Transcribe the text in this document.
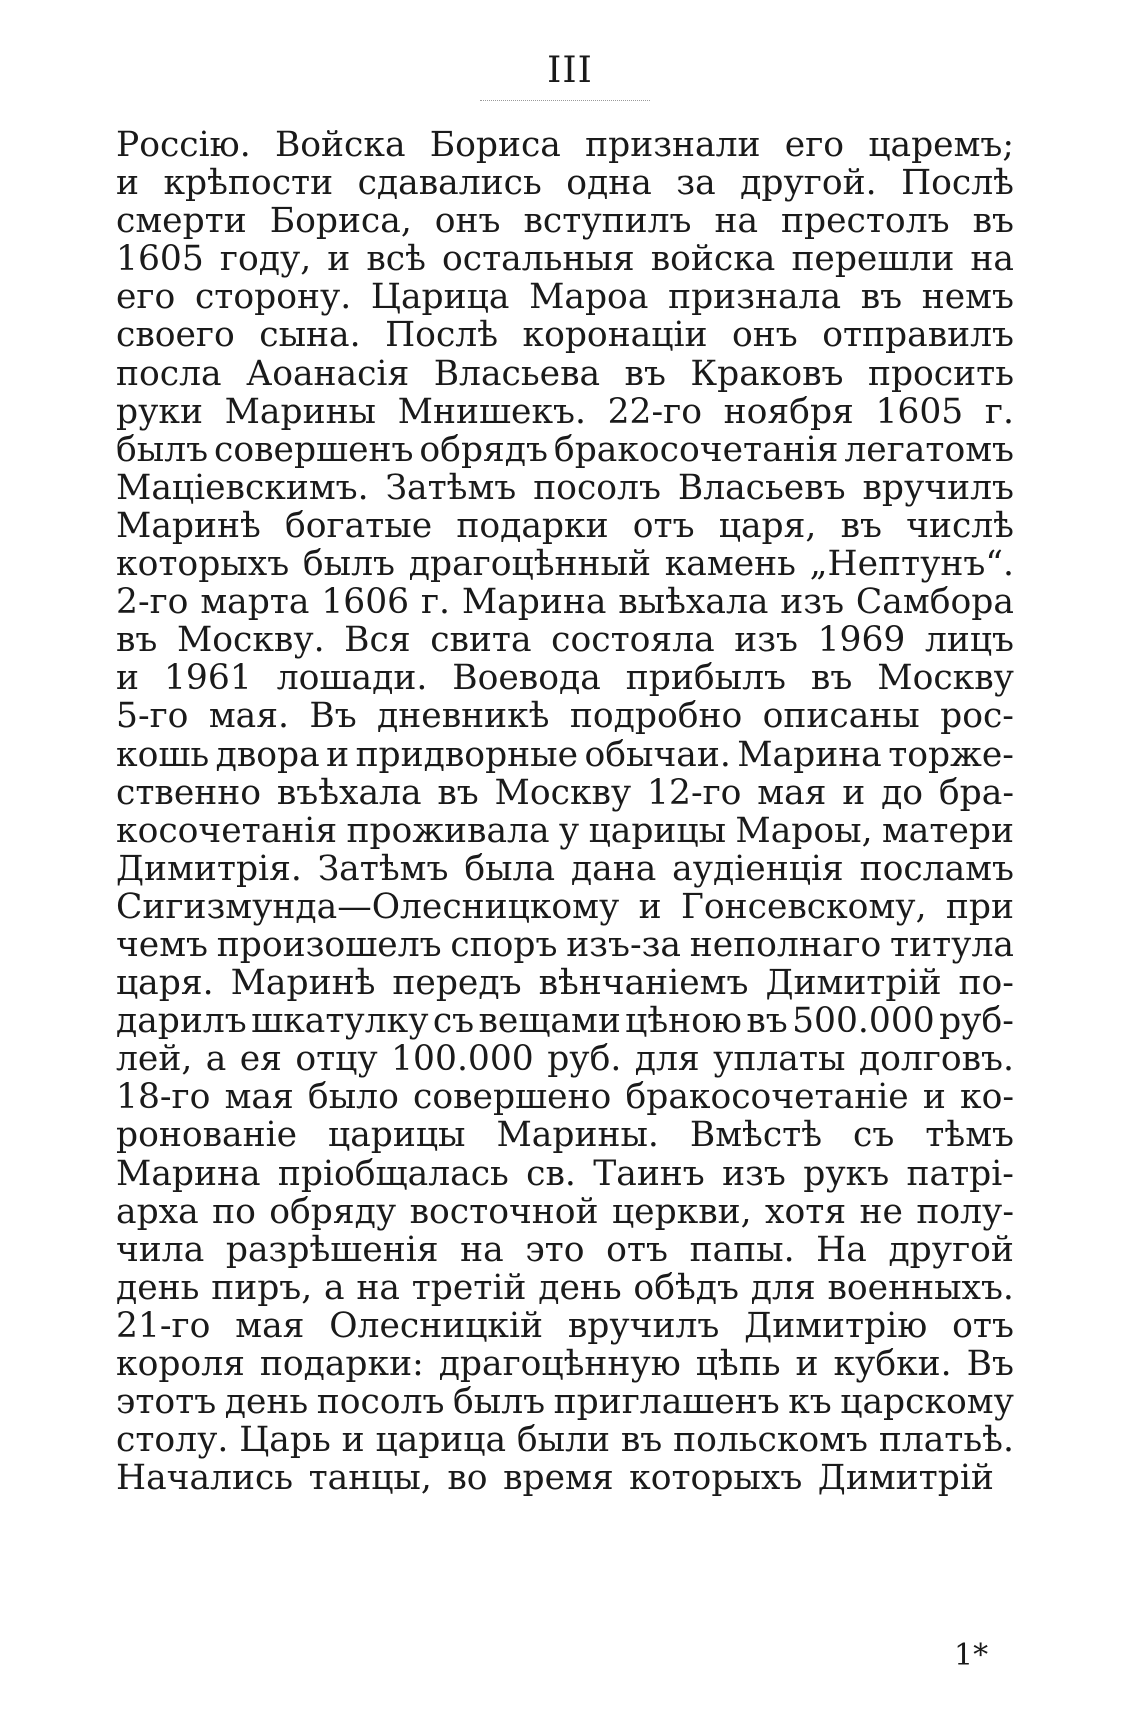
III
Россію. Войска Бориса признали его царемъ;
и крѣпости сдавались одна за другой. Послѣ
смерти Бориса, онъ вступилъ на престолъ въ
1605 году, и всѣ остальныя войска перешли на
его сторону. Царица Мароа признала въ немъ
своего сына. Послѣ коронаціи онъ отправилъ
посла Аоанасія Власьева въ Краковъ просить
руки Марины Мнишекъ. 22-го ноября 1605 г.
былъ совершенъ обрядъ бракосочетанія легатомъ
Маціевскимъ. Затѣмъ посолъ Власьевъ вручилъ
Маринѣ богатые подарки отъ царя, въ числѣ
которыхъ былъ драгоцѣнный камень „Нептунъ“.
2-го марта 1606 г. Марина выѣхала изъ Самбора
въ Москву. Вся свита состояла изъ 1969 лицъ
и 1961 лошади. Воевода прибылъ въ Москву
5-го мая. Въ дневникѣ подробно описаны рос-
кошь двора и придворные обычаи. Марина торже-
ственно въѣхала въ Москву 12-го мая и до бра-
косочетанія проживала у царицы Мароы, матери
Димитрія. Затѣмъ была дана аудіенція посламъ
Сигизмунда—Олесницкому и Гонсевскому, при
чемъ произошелъ споръ изъ-за неполнаго титула
царя. Маринѣ передъ вѣнчаніемъ Димитрій по-
дарилъ шкатулку съ вещами цѣною въ 500.000 руб-
лей, а ея отцу 100.000 руб. для уплаты долговъ.
18-го мая было совершено бракосочетаніе и ко-
ронованіе царицы Марины. Вмѣстѣ съ тѣмъ
Марина пріобщалась св. Таинъ изъ рукъ патрі-
арха по обряду восточной церкви, хотя не полу-
чила разрѣшенія на это отъ папы. На другой
день пиръ, а на третій день обѣдъ для военныхъ.
21-го мая Олесницкій вручилъ Димитрію отъ
короля подарки: драгоцѣнную цѣпь и кубки. Въ
этотъ день посолъ былъ приглашенъ къ царскому
столу. Царь и царица были въ польскомъ платьѣ.
Начались танцы, во время которыхъ Димитрій
1*
